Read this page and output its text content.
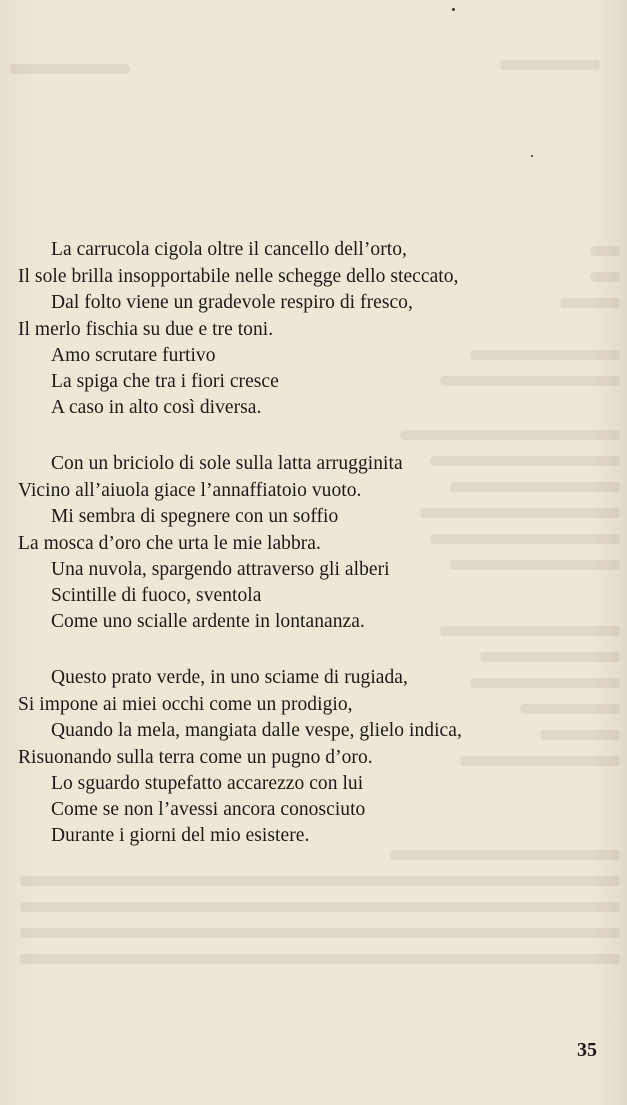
La carrucola cigola oltre il cancello dell’orto,
Il sole brilla insopportabile nelle schegge dello steccato,
Dal folto viene un gradevole respiro di fresco,
Il merlo fischia su due e tre toni.
Amo scrutare furtivo
La spiga che tra i fiori cresce
A caso in alto così diversa.
Con un briciolo di sole sulla latta arrugginita
Vicino all’aiuola giace l’annaffiatoio vuoto.
Mi sembra di spegnere con un soffio
La mosca d’oro che urta le mie labbra.
Una nuvola, spargendo attraverso gli alberi
Scintille di fuoco, sventola
Come uno scialle ardente in lontananza.
Questo prato verde, in uno sciame di rugiada,
Si impone ai miei occhi come un prodigio,
Quando la mela, mangiata dalle vespe, glielo indica,
Risuonando sulla terra come un pugno d’oro.
Lo sguardo stupefatto accarezzo con lui
Come se non l’avessi ancora conosciuto
Durante i giorni del mio esistere.
35
